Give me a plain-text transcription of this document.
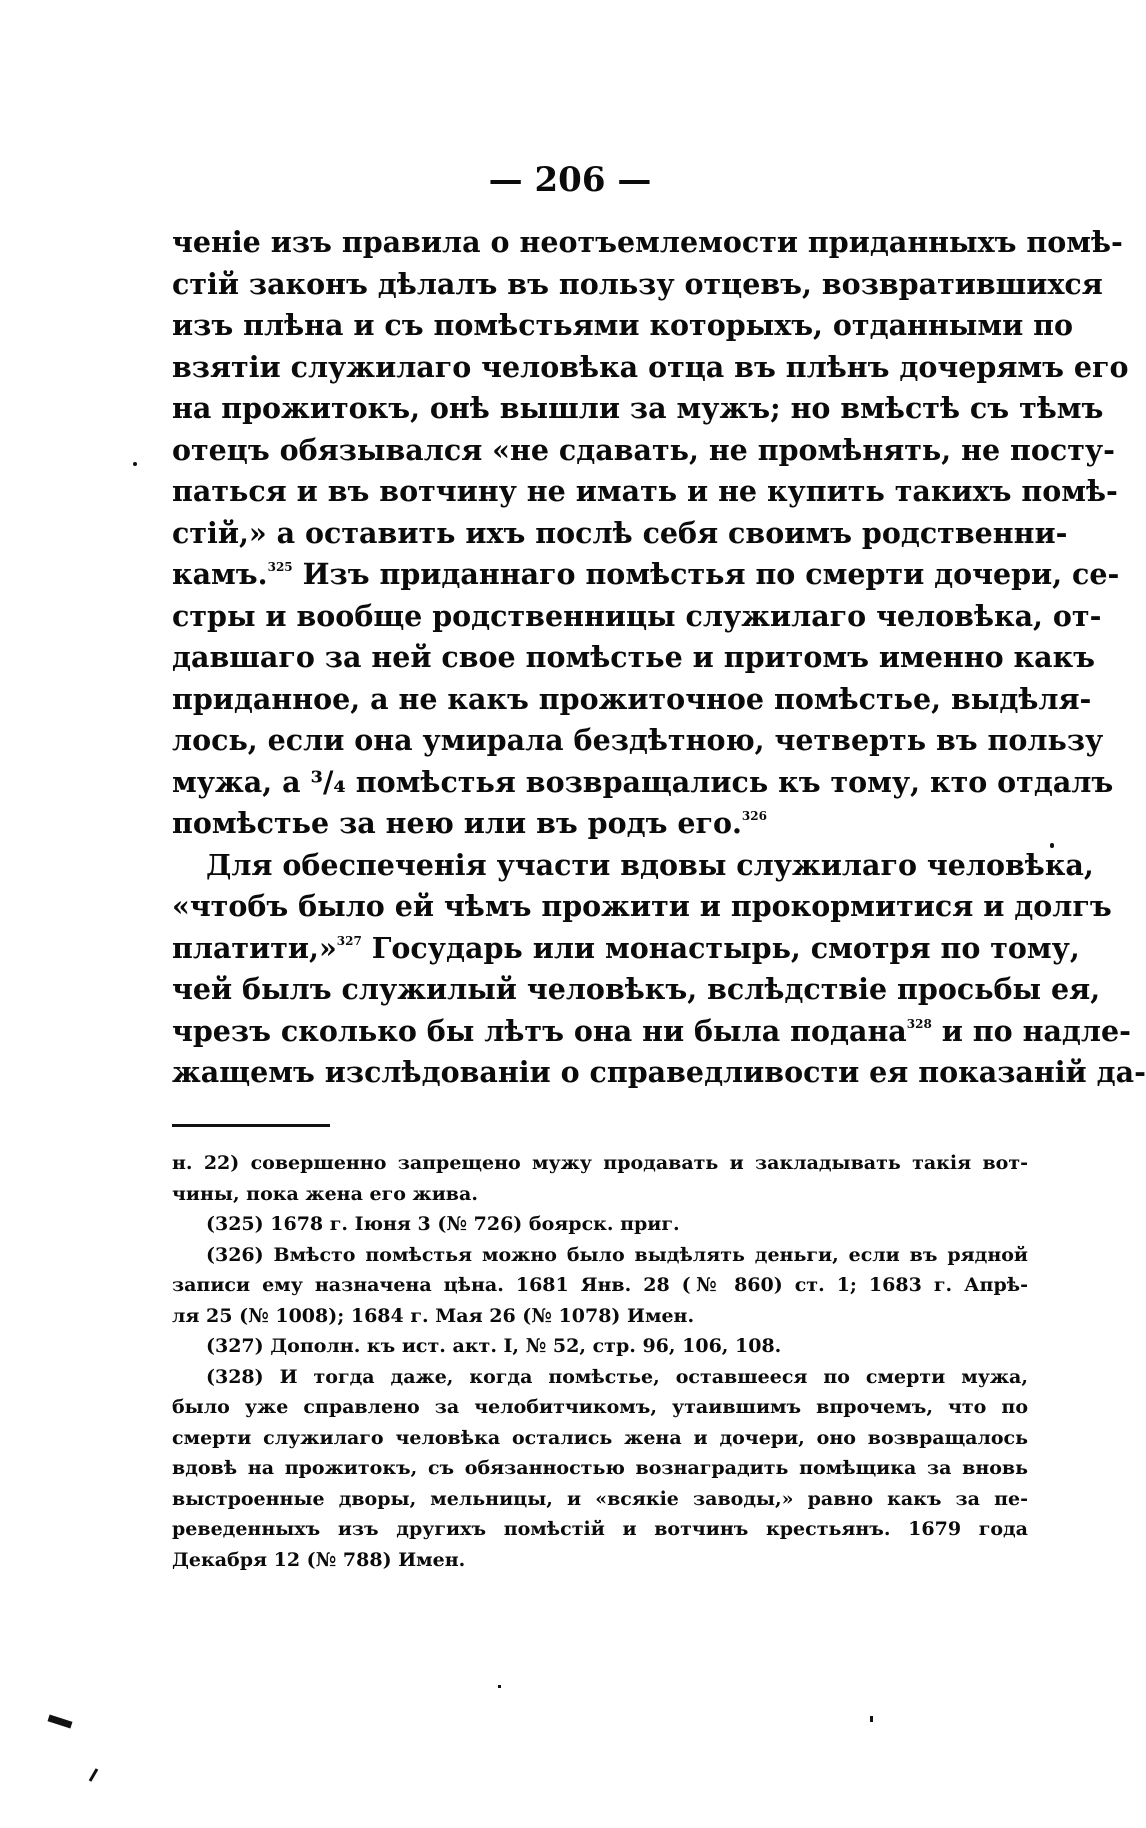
— 206 —
ченіе изъ правила о неотъемлемости приданныхъ помѣ-
стій законъ дѣлалъ въ пользу отцевъ, возвратившихся
изъ плѣна и съ помѣстьями которыхъ, отданными по
взятіи служилаго человѣка отца въ плѣнъ дочерямъ его
на прожитокъ, онѣ вышли за мужъ; но вмѣстѣ съ тѣмъ
отецъ обязывался «не сдавать, не промѣнять, не посту-
паться и въ вотчину не имать и не купить такихъ помѣ-
стій,» а оставить ихъ послѣ себя своимъ родственни-
камъ.$^{325}$ Изъ приданнаго помѣстья по смерти дочери, се-
стры и вообще родственницы служилаго человѣка, от-
давшаго за ней свое помѣстье и притомъ именно какъ
приданное, а не какъ прожиточное помѣстье, выдѣля-
лось, если она умирала бездѣтною, четверть въ пользу
мужа, а ³/₄ помѣстья возвращались къ тому, кто отдалъ
помѣстье за нею или въ родъ его.$^{326}$
Для обеспеченія участи вдовы служилаго человѣка,
«чтобъ было ей чѣмъ прожити и прокормитися и долгъ
платити,»$^{327}$ Государь или монастырь, смотря по тому,
чей былъ служилый человѣкъ, вслѣдствіе просьбы ея,
чрезъ сколько бы лѣтъ она ни была подана$^{328}$ и по надле-
жащемъ изслѣдованіи о справедливости ея показаній да-
н. 22) совершенно запрещено мужу продавать и закладывать такія вот-
чины, пока жена его жива.
(325) 1678 г. Іюня 3 (№ 726) боярск. приг.
(326) Вмѣсто помѣстья можно было выдѣлять деньги, если въ рядной
записи ему назначена цѣна. 1681 Янв. 28 (№ 860) ст. 1; 1683 г. Апрѣ-
ля 25 (№ 1008); 1684 г. Мая 26 (№ 1078) Имен.
(327) Дополн. къ ист. акт. I, № 52, стр. 96, 106, 108.
(328) И тогда даже, когда помѣстье, оставшееся по смерти мужа,
было уже справлено за челобитчикомъ, утаившимъ впрочемъ, что по
смерти служилаго человѣка остались жена и дочери, оно возвращалось
вдовѣ на прожитокъ, съ обязанностью вознаградить помѣщика за вновь
выстроенные дворы, мельницы, и «всякіе заводы,» равно какъ за пе-
реведенныхъ изъ другихъ помѣстій и вотчинъ крестьянъ. 1679 года
Декабря 12 (№ 788) Имен.
